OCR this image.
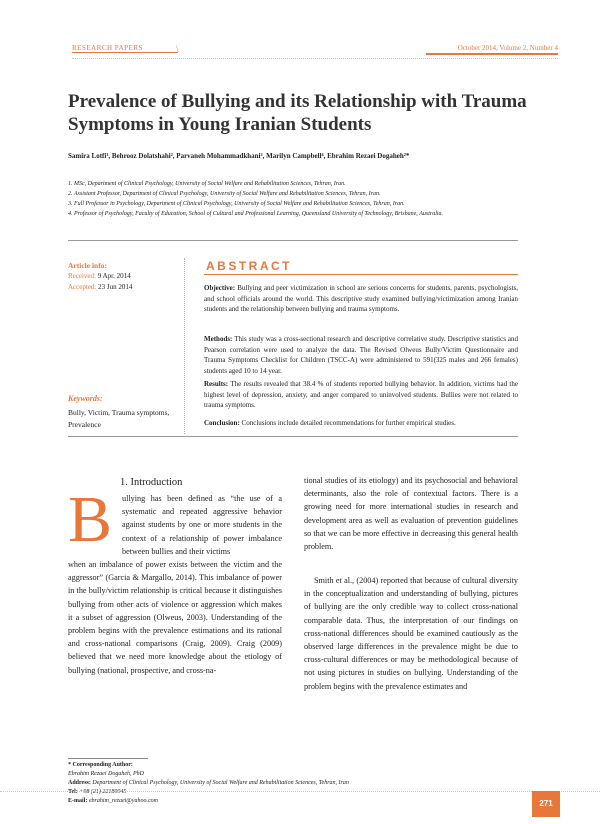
RESEARCH PAPERS	\	October 2014, Volume 2, Number 4
Prevalence of Bullying and its Relationship with Trauma Symptoms in Young Iranian Students
Samira Lotfi¹, Behrooz Dolatshahi², Parvaneh Mohammadkhani³, Marilyn Campbell⁴, Ebrahim Rezaei Dogaheh²*
1. MSc, Department of Clinical Psychology, University of Social Welfare and Rehabilitation Sciences, Tehran, Iran.
2. Assistant Professor, Department of Clinical Psychology, University of Social Welfare and Rehabilitation Sciences, Tehran, Iran.
3. Full Professor in Psychology, Department of Clinical Psychology, University of Social Welfare and Rehabilitation Sciences, Tehran, Iran.
4. Professor of Psychology, Faculty of Education, School of Cultural and Professional Learning, Queensland University of Technology, Brisbane, Australia.
Article info:
Received: 9 Apr. 2014
Accepted: 23 Jun 2014
Keywords:
Bully, Victim, Trauma symptoms, Prevalence
ABSTRACT
Objective: Bullying and peer victimization in school are serious concerns for students, parents, psychologists, and school officials around the world. This descriptive study examined bullying/victimization among Iranian students and the relationship between bullying and trauma symptoms.
Methods: This study was a cross-sectional research and descriptive correlative study. Descriptive statistics and Pearson correlation were used to analyze the data. The Revised Olweus Bully/Victim Questionnaire and Trauma Symptoms Checklist for Children (TSCC-A) were administered to 591(325 males and 266 females) students aged 10 to 14 year.
Results: The results revealed that 38.4 % of students reported bullying behavior. In addition, victims had the highest level of depression, anxiety, and anger compared to uninvolved students. Bullies were not related to trauma symptoms.
Conclusion: Conclusions include detailed recommendations for further empirical studies.
1. Introduction
B ullying has been defined as “the use of a systematic and repeated aggressive behavior against students by one or more students in the context of a relationship of power imbalance between bullies and their victims
when an imbalance of power exists between the victim and the aggressor” (Garcia & Margallo, 2014). This imbalance of power in the bully/victim relationship is critical because it distinguishes bullying from other acts of violence or aggression which makes it a subset of aggression (Olweus, 2003). Understanding of the problem begins with the prevalence estimations and its rational and cross-national comparisons (Craig, 2009). Craig (2009) believed that we need more knowledge about the etiology of bullying (national, prospective, and cross-na-
tional studies of its etiology) and its psychosocial and behavioral determinants, also the role of contextual factors. There is a growing need for more international studies in research and development area as well as evaluation of prevention guidelines so that we can be more effective in decreasing this general health problem.
Smith et al., (2004) reported that because of cultural diversity in the conceptualization and understanding of bullying, pictures of bullying are the only credible way to collect cross-national comparable data. Thus, the interpretation of our findings on cross-national differences should be examined cautiously as the observed large differences in the prevalence might be due to cross-cultural differences or may be methodological because of not using pictures in studies on bullying. Understanding of the problem begins with the prevalence estimates and
* Corresponding Author:
Ebrahim Rezaei Dogaheh, PhD
Address: Department of Clinical Psychology, University of Social Welfare and Rehabilitation Sciences, Tehran, Iran
Tel: +98 (21) 22180045
E-mail: ebrahim_rezaei@yahoo.com	271
